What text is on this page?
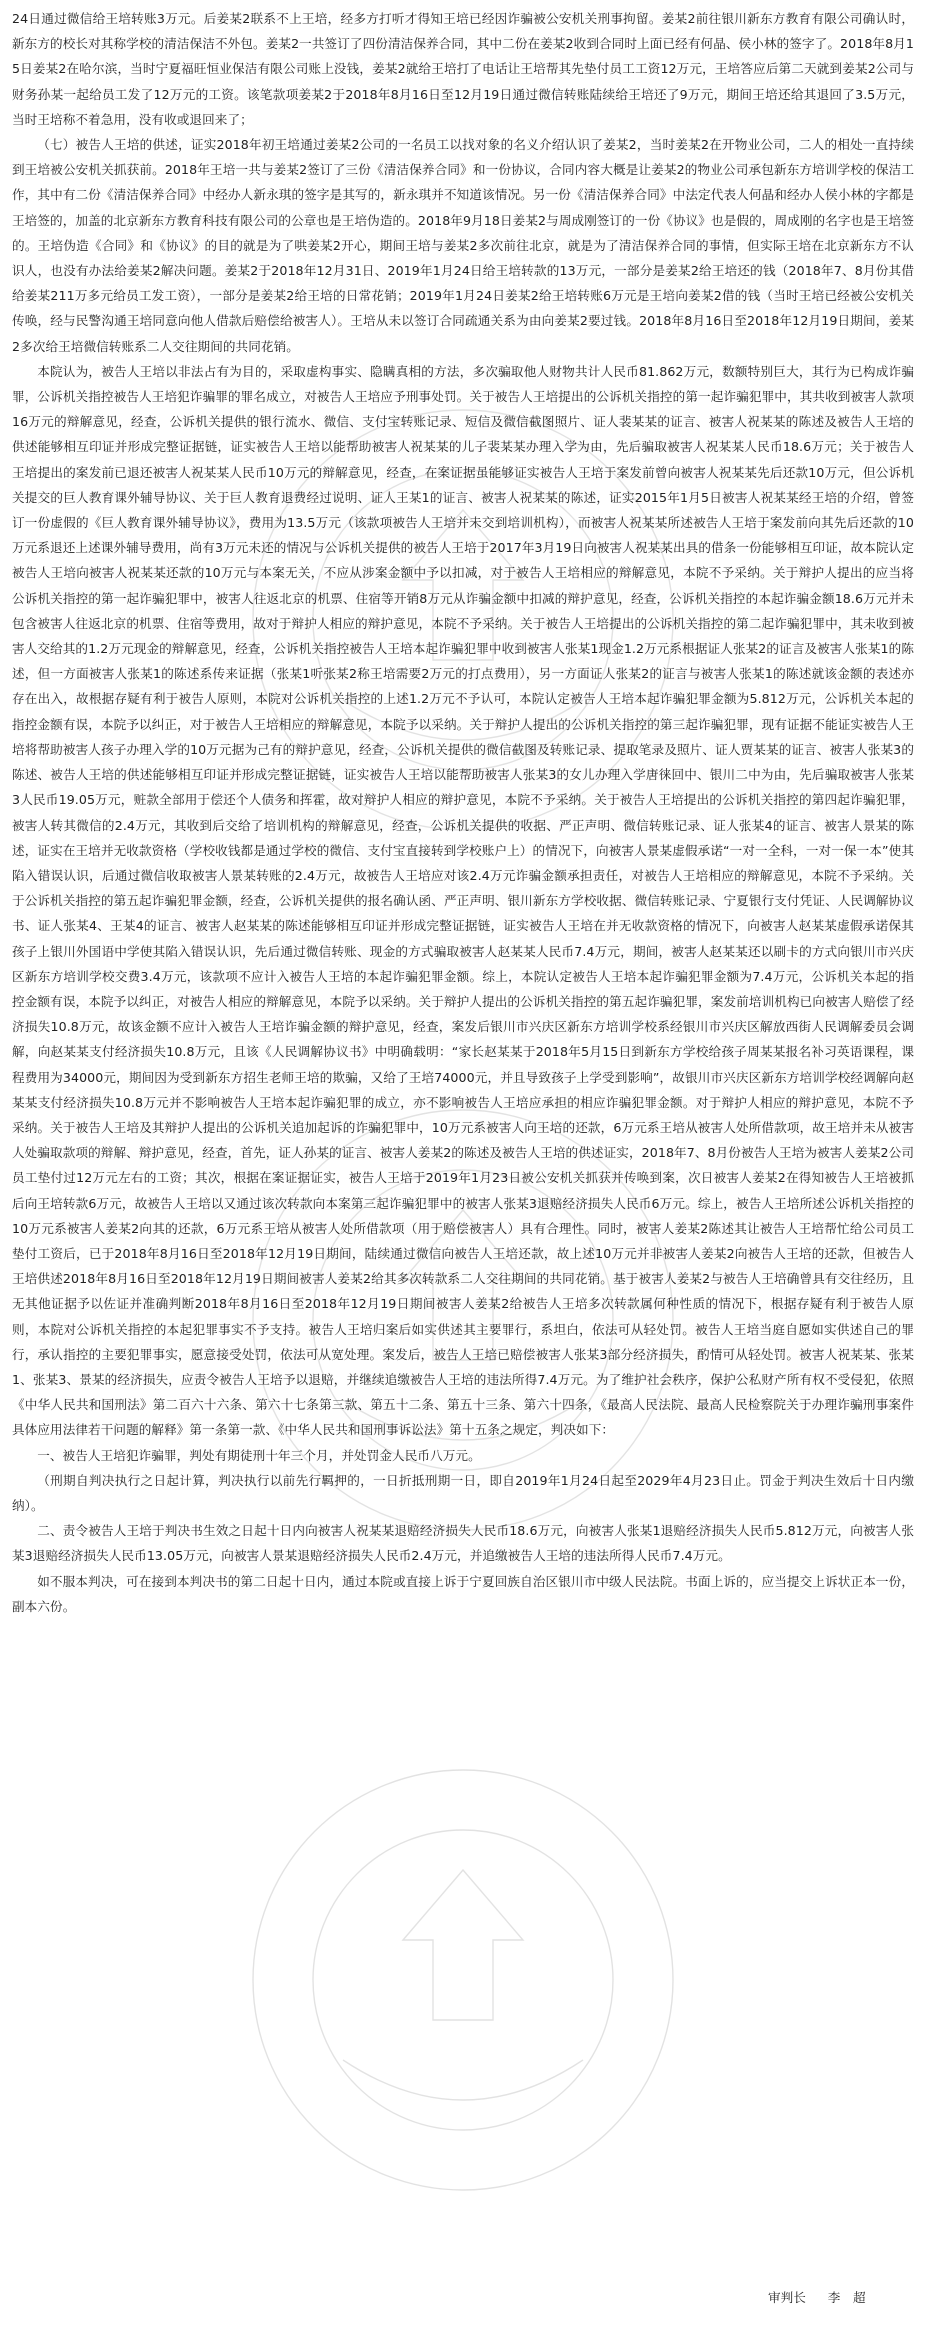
24日通过微信给王培转账3万元。后姜某2联系不上王培，经多方打听才得知王培已经因诈骗被公安机关刑事拘留。姜某2前往银川新东方教育有限公司确认时，新东方的校长对其称学校的清洁保洁不外包。姜某2一共签订了四份清洁保养合同，其中二份在姜某2收到合同时上面已经有何晶、侯小林的签字了。2018年8月15日姜某2在哈尔滨，当时宁夏福旺恒业保洁有限公司账上没钱，姜某2就给王培打了电话让王培帮其先垫付员工工资12万元，王培答应后第二天就到姜某2公司与财务孙某一起给员工发了12万元的工资。该笔款项姜某2于2018年8月16日至12月19日通过微信转账陆续给王培还了9万元，期间王培还给其退回了3.5万元，当时王培称不着急用，没有收或退回来了；

（七）被告人王培的供述，证实2018年初王培通过姜某2公司的一名员工以找对象的名义介绍认识了姜某2，当时姜某2在开物业公司，二人的相处一直持续到王培被公安机关抓获前。2018年王培一共与姜某2签订了三份《清洁保养合同》和一份协议，合同内容大概是让姜某2的物业公司承包新东方培训学校的保洁工作，其中有二份《清洁保养合同》中经办人新永琪的签字是其写的，新永琪并不知道该情况。另一份《清洁保养合同》中法定代表人何晶和经办人侯小林的字都是王培签的，加盖的北京新东方教育科技有限公司的公章也是王培伪造的。2018年9月18日姜某2与周成刚签订的一份《协议》也是假的，周成刚的名字也是王培签的。王培伪造《合同》和《协议》的目的就是为了哄姜某2开心，期间王培与姜某2多次前往北京，就是为了清洁保养合同的事情，但实际王培在北京新东方不认识人，也没有办法给姜某2解决问题。姜某2于2018年12月31日、2019年1月24日给王培转款的13万元，一部分是姜某2给王培还的钱（2018年7、8月份其借给姜某211万多元给员工发工资），一部分是姜某2给王培的日常花销；2019年1月24日姜某2给王培转账6万元是王培向姜某2借的钱（当时王培已经被公安机关传唤，经与民警沟通王培同意向他人借款后赔偿给被害人）。王培从未以签订合同疏通关系为由向姜某2要过钱。2018年8月16日至2018年12月19日期间，姜某2多次给王培微信转账系二人交往期间的共同花销。

本院认为，被告人王培以非法占有为目的，采取虚构事实、隐瞒真相的方法，多次骗取他人财物共计人民币81.862万元，数额特别巨大，其行为已构成诈骗罪，公诉机关指控被告人王培犯诈骗罪的罪名成立，对被告人王培应予刑事处罚。关于被告人王培提出的公诉机关指控的第一起诈骗犯罪中，其共收到被害人款项16万元的辩解意见，经查，公诉机关提供的银行流水、微信、支付宝转账记录、短信及微信截图照片、证人裴某某的证言、被害人祝某某的陈述及被告人王培的供述能够相互印证并形成完整证据链，证实被告人王培以能帮助被害人祝某某的儿子裴某某办理入学为由，先后骗取被害人祝某某人民币18.6万元；关于被告人王培提出的案发前已退还被害人祝某某人民币10万元的辩解意见，经查，在案证据虽能够证实被告人王培于案发前曾向被害人祝某某先后还款10万元，但公诉机关提交的巨人教育课外辅导协议、关于巨人教育退费经过说明、证人王某1的证言、被害人祝某某的陈述，证实2015年1月5日被害人祝某某经王培的介绍，曾签订一份虚假的《巨人教育课外辅导协议》，费用为13.5万元（该款项被告人王培并未交到培训机构），而被害人祝某某所述被告人王培于案发前向其先后还款的10万元系退还上述课外辅导费用，尚有3万元未还的情况与公诉机关提供的被告人王培于2017年3月19日向被害人祝某某出具的借条一份能够相互印证，故本院认定被告人王培向被害人祝某某还款的10万元与本案无关，不应从涉案金额中予以扣减，对于被告人王培相应的辩解意见，本院不予采纳。关于辩护人提出的应当将公诉机关指控的第一起诈骗犯罪中，被害人往返北京的机票、住宿等开销8万元从诈骗金额中扣减的辩护意见，经查，公诉机关指控的本起诈骗金额18.6万元并未包含被害人往返北京的机票、住宿等费用，故对于辩护人相应的辩护意见，本院不予采纳。关于被告人王培提出的公诉机关指控的第二起诈骗犯罪中，其未收到被害人交给其的1.2万元现金的辩解意见，经查，公诉机关指控被告人王培本起诈骗犯罪中收到被害人张某1现金1.2万元系根据证人张某2的证言及被害人张某1的陈述，但一方面被害人张某1的陈述系传来证据（张某1听张某2称王培需要2万元的打点费用），另一方面证人张某2的证言与被害人张某1的陈述就该金额的表述亦存在出入，故根据存疑有利于被告人原则，本院对公诉机关指控的上述1.2万元不予认可，本院认定被告人王培本起诈骗犯罪金额为5.812万元，公诉机关本起的指控金额有误，本院予以纠正，对于被告人王培相应的辩解意见，本院予以采纳。关于辩护人提出的公诉机关指控的第三起诈骗犯罪，现有证据不能证实被告人王培将帮助被害人孩子办理入学的10万元据为己有的辩护意见，经查，公诉机关提供的微信截图及转账记录、提取笔录及照片、证人贾某某的证言、被害人张某3的陈述、被告人王培的供述能够相互印证并形成完整证据链，证实被告人王培以能帮助被害人张某3的女儿办理入学唐徕回中、银川二中为由，先后骗取被害人张某3人民币19.05万元，赃款全部用于偿还个人债务和挥霍，故对辩护人相应的辩护意见，本院不予采纳。关于被告人王培提出的公诉机关指控的第四起诈骗犯罪，被害人转其微信的2.4万元，其收到后交给了培训机构的辩解意见，经查，公诉机关提供的收据、严正声明、微信转账记录、证人张某4的证言、被害人景某的陈述，证实在王培并无收款资格（学校收钱都是通过学校的微信、支付宝直接转到学校账户上）的情况下，向被害人景某虚假承诺“一对一全科，一对一保一本”使其陷入错误认识，后通过微信收取被害人景某转账的2.4万元，故被告人王培应对该2.4万元诈骗金额承担责任，对被告人王培相应的辩解意见，本院不予采纳。关于公诉机关指控的第五起诈骗犯罪金额，经查，公诉机关提供的报名确认函、严正声明、银川新东方学校收据、微信转账记录、宁夏银行支付凭证、人民调解协议书、证人张某4、王某4的证言、被害人赵某某的陈述能够相互印证并形成完整证据链，证实被告人王培在并无收款资格的情况下，向被害人赵某某虚假承诺保其孩子上银川外国语中学使其陷入错误认识，先后通过微信转账、现金的方式骗取被害人赵某某人民币7.4万元，期间，被害人赵某某还以刷卡的方式向银川市兴庆区新东方培训学校交费3.4万元，该款项不应计入被告人王培的本起诈骗犯罪金额。综上，本院认定被告人王培本起诈骗犯罪金额为7.4万元，公诉机关本起的指控金额有误，本院予以纠正，对被告人相应的辩解意见，本院予以采纳。关于辩护人提出的公诉机关指控的第五起诈骗犯罪，案发前培训机构已向被害人赔偿了经济损失10.8万元，故该金额不应计入被告人王培诈骗金额的辩护意见，经查，案发后银川市兴庆区新东方培训学校系经银川市兴庆区解放西街人民调解委员会调解，向赵某某支付经济损失10.8万元，且该《人民调解协议书》中明确载明：“家长赵某某于2018年5月15日到新东方学校给孩子周某某报名补习英语课程，课程费用为34000元，期间因为受到新东方招生老师王培的欺骗，又给了王培74000元，并且导致孩子上学受到影响”，故银川市兴庆区新东方培训学校经调解向赵某某支付经济损失10.8万元并不影响被告人王培本起诈骗犯罪的成立，亦不影响被告人王培应承担的相应诈骗犯罪金额。对于辩护人相应的辩护意见，本院不予采纳。关于被告人王培及其辩护人提出的公诉机关追加起诉的诈骗犯罪中，10万元系被害人向王培的还款，6万元系王培从被害人处所借款项，故王培并未从被害人处骗取款项的辩解、辩护意见，经查，首先，证人孙某的证言、被害人姜某2的陈述及被告人王培的供述证实，2018年7、8月份被告人王培为被害人姜某2公司员工垫付过12万元左右的工资；其次，根据在案证据证实，被告人王培于2019年1月23日被公安机关抓获并传唤到案，次日被害人姜某2在得知被告人王培被抓后向王培转款6万元，故被告人王培以又通过该次转款向本案第三起诈骗犯罪中的被害人张某3退赔经济损失人民币6万元。综上，被告人王培所述公诉机关指控的10万元系被害人姜某2向其的还款，6万元系王培从被害人处所借款项（用于赔偿被害人）具有合理性。同时，被害人姜某2陈述其让被告人王培帮忙给公司员工垫付工资后，已于2018年8月16日至2018年12月19日期间，陆续通过微信向被告人王培还款，故上述10万元并非被害人姜某2向被告人王培的还款，但被告人王培供述2018年8月16日至2018年12月19日期间被害人姜某2给其多次转款系二人交往期间的共同花销。基于被害人姜某2与被告人王培确曾具有交往经历，且无其他证据予以佐证并准确判断2018年8月16日至2018年12月19日期间被害人姜某2给被告人王培多次转款属何种性质的情况下，根据存疑有利于被告人原则，本院对公诉机关指控的本起犯罪事实不予支持。被告人王培归案后如实供述其主要罪行，系坦白，依法可从轻处罚。被告人王培当庭自愿如实供述自己的罪行，承认指控的主要犯罪事实，愿意接受处罚，依法可从宽处理。案发后，被告人王培已赔偿被害人张某3部分经济损失，酌情可从轻处罚。被害人祝某某、张某1、张某3、景某的经济损失，应责令被告人王培予以退赔，并继续追缴被告人王培的违法所得7.4万元。为了维护社会秩序，保护公私财产所有权不受侵犯，依照《中华人民共和国刑法》第二百六十六条、第六十七条第三款、第五十二条、第五十三条、第六十四条，《最高人民法院、最高人民检察院关于办理诈骗刑事案件具体应用法律若干问题的解释》第一条第一款、《中华人民共和国刑事诉讼法》第十五条之规定，判决如下：

一、被告人王培犯诈骗罪，判处有期徒刑十年三个月，并处罚金人民币八万元。

（刑期自判决执行之日起计算，判决执行以前先行羁押的，一日折抵刑期一日，即自2019年1月24日起至2029年4月23日止。罚金于判决生效后十日内缴纳）。

二、责令被告人王培于判决书生效之日起十日内向被害人祝某某退赔经济损失人民币18.6万元，向被害人张某1退赔经济损失人民币5.812万元，向被害人张某3退赔经济损失人民币13.05万元，向被害人景某退赔经济损失人民币2.4万元，并追缴被告人王培的违法所得人民币7.4万元。

如不服本判决，可在接到本判决书的第二日起十日内，通过本院或直接上诉于宁夏回族自治区银川市中级人民法院。书面上诉的，应当提交上诉状正本一份，副本六份。

审判长 李　超
